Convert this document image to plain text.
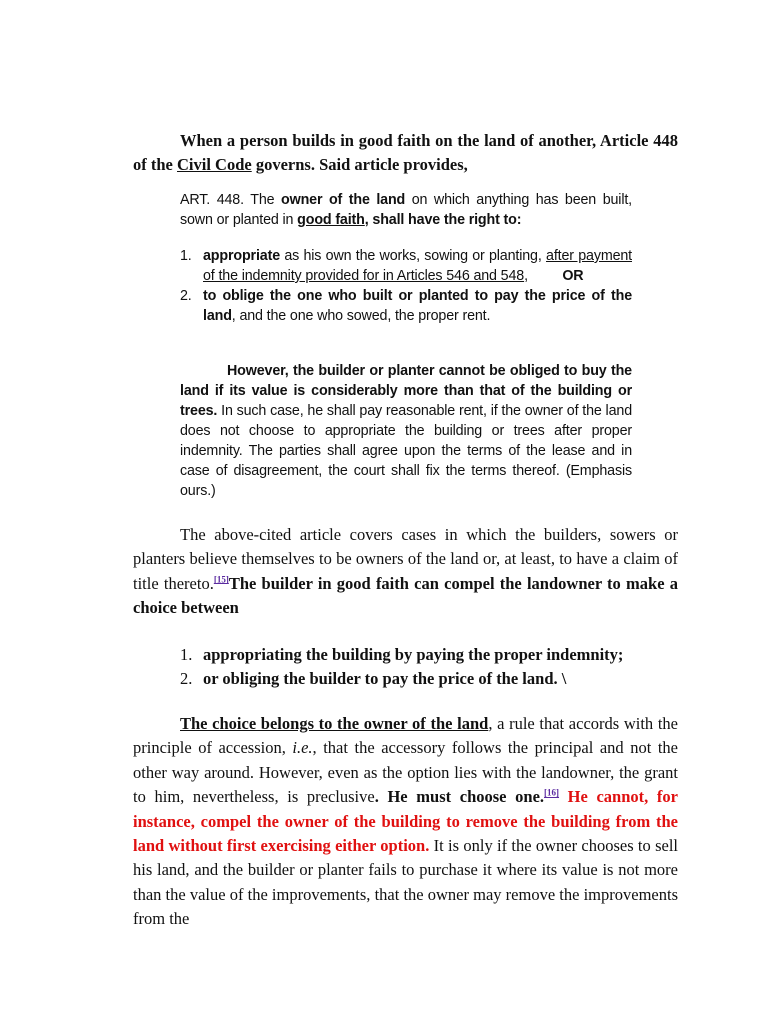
When a person builds in good faith on the land of another, Article 448 of the Civil Code governs. Said article provides,

ART. 448. The owner of the land on which anything has been built, sown or planted in good faith, shall have the right to:

1. appropriate as his own the works, sowing or planting, after payment of the indemnity provided for in Articles 546 and 548, OR
2. to oblige the one who built or planted to pay the price of the land, and the one who sowed, the proper rent.

However, the builder or planter cannot be obliged to buy the land if its value is considerably more than that of the building or trees. In such case, he shall pay reasonable rent, if the owner of the land does not choose to appropriate the building or trees after proper indemnity. The parties shall agree upon the terms of the lease and in case of disagreement, the court shall fix the terms thereof. (Emphasis ours.)

The above-cited article covers cases in which the builders, sowers or planters believe themselves to be owners of the land or, at least, to have a claim of title thereto.[15]The builder in good faith can compel the landowner to make a choice between

1. appropriating the building by paying the proper indemnity;
2. or obliging the builder to pay the price of the land. \

The choice belongs to the owner of the land, a rule that accords with the principle of accession, i.e., that the accessory follows the principal and not the other way around. However, even as the option lies with the landowner, the grant to him, nevertheless, is preclusive. He must choose one.[16] He cannot, for instance, compel the owner of the building to remove the building from the land without first exercising either option. It is only if the owner chooses to sell his land, and the builder or planter fails to purchase it where its value is not more than the value of the improvements, that the owner may remove the improvements from the
